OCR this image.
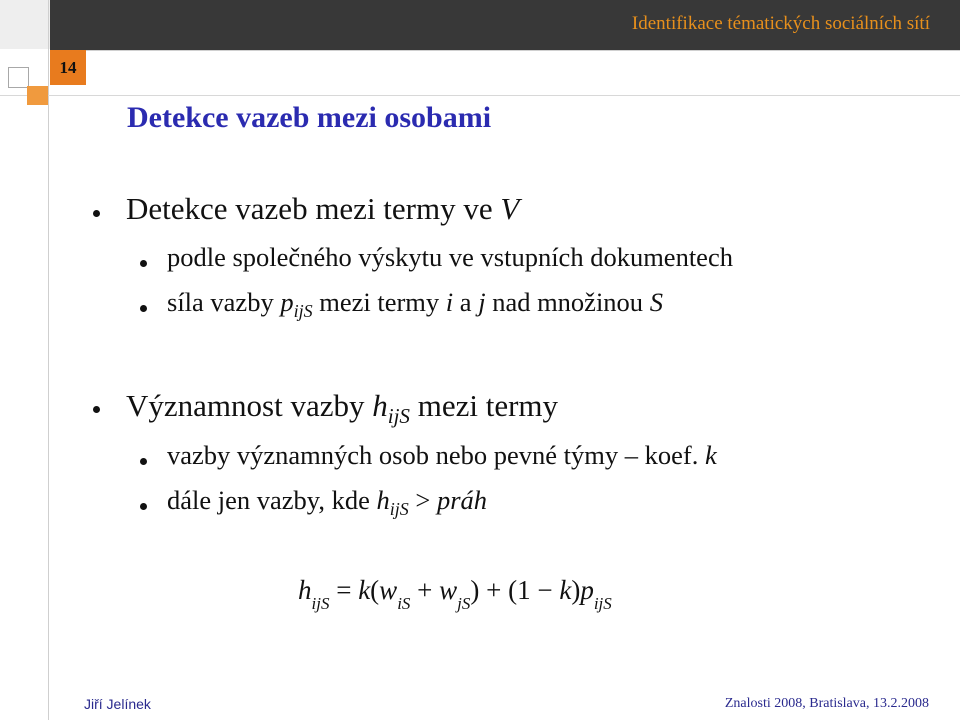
Identifikace tématických sociálních sítí
14
Detekce vazeb mezi osobami
Detekce vazeb mezi termy ve V
podle společného výskytu ve vstupních dokumentech
síla vazby $p_{ijS}$ mezi termy i a j nad množinou S
Významnost vazby $h_{ijS}$ mezi termy
vazby významných osob nebo pevné týmy – koef. k
dále jen vazby, kde $h_{ijS}$ > práh
$h_{ijS} = k(w_{iS} + w_{jS}) + (1 - k)p_{ijS}$
Jiří Jelínek	Znalosti 2008, Bratislava, 13.2.2008
